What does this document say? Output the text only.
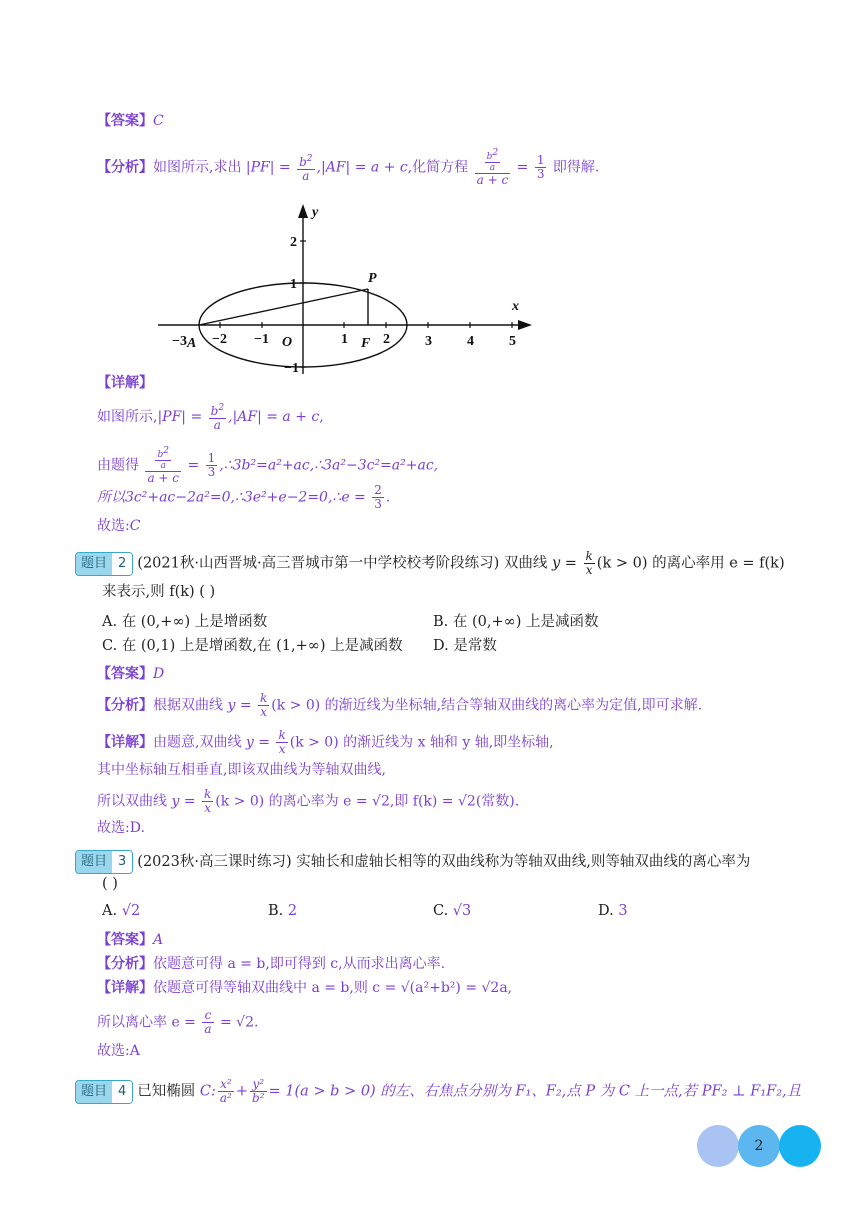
【答案】C
【分析】如图所示,求出 $|PF| = \frac{b^2}{a} ,|AF| = a + c$,化简方程 $\frac{\frac{b^2}{a}}{a + c} = \frac{1}{3}$ 即得解.
−3 A −2 −1 O	1 F 2	3	4	5
x
y
2
1
−1
P
【详解】
如图所示$,|PF| = \frac{b^2}{a} ,|AF| = a + c$,
由题得 $\frac{\frac{b^2}{a}}{a + c} = \frac{1}{3}$ ,∴3b²=a²+ac,∴3a²−3c²=a²+ac,
所以3c²+ac−2a²=0,∴3e²+e−2=0,∴e = $\frac{2}{3}$ .
故选:C
题目 2 (2021秋·山西晋城·高三晋城市第一中学校校考阶段练习) 双曲线 $y = \frac{k}{x} (k > 0)$ 的离心率用 e = f(k)
来表示,则 f(k) ( )
A. 在 (0,+∞) 上是增函数	B. 在 (0,+∞) 上是减函数
C. 在 (0,1) 上是增函数,在 (1,+∞) 上是减函数 D. 是常数
【答案】D
【分析】根据双曲线 $y = \frac{k}{x} (k > 0)$ 的渐近线为坐标轴,结合等轴双曲线的离心率为定值,即可求解.
【详解】由题意,双曲线 $y = \frac{k}{x} (k > 0)$ 的渐近线为 x 轴和 y 轴,即坐标轴,
其中坐标轴互相垂直,即该双曲线为等轴双曲线,
所以双曲线 $y = \frac{k}{x} (k > 0)$ 的离心率为 e = √2,即 f(k) = √2(常数).
故选:D.
题目 3 (2023秋·高三课时练习) 实轴长和虚轴长相等的双曲线称为等轴双曲线,则等轴双曲线的离心率为
( )
A. √2	B. 2	C. √3	D. 3
【答案】A
【分析】依题意可得 a = b,即可得到 c,从而求出离心率.
【详解】依题意可得等轴双曲线中 a = b,则 c = √(a²+b²) = √2a,
所以离心率 $e = \frac{c}{a} = √2$.
故选:A
题目 4 已知椭圆 C: $\frac{\text{x²}}{\text{a²}} + \frac{\text{y²}}{\text{b²}} = 1(a > b > 0)$ 的左、右焦点分别为 F₁、F₂,点 P 为 C 上一点,若 PF₂ ⊥ F₁F₂,且
2
